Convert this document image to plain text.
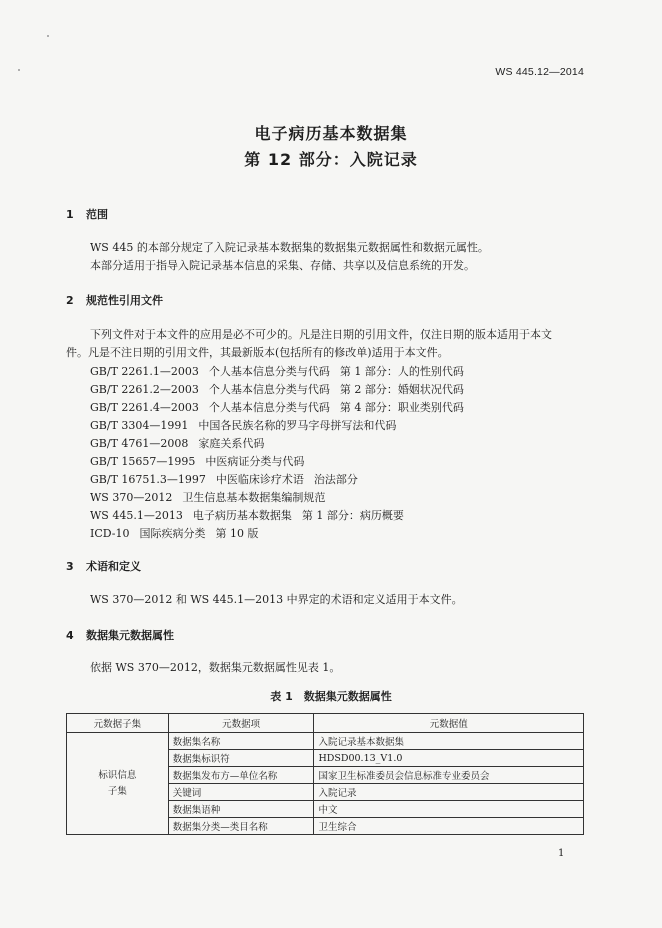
WS 445.12—2014
电子病历基本数据集
第 12 部分：入院记录
1 范围
WS 445 的本部分规定了入院记录基本数据集的数据集元数据属性和数据元属性。
本部分适用于指导入院记录基本信息的采集、存储、共享以及信息系统的开发。
2 规范性引用文件
下列文件对于本文件的应用是必不可少的。凡是注日期的引用文件，仅注日期的版本适用于本文
件。凡是不注日期的引用文件，其最新版本(包括所有的修改单)适用于本文件。
GB/T 2261.1—2003 个人基本信息分类与代码 第 1 部分：人的性别代码
GB/T 2261.2—2003 个人基本信息分类与代码 第 2 部分：婚姻状况代码
GB/T 2261.4—2003 个人基本信息分类与代码 第 4 部分：职业类别代码
GB/T 3304—1991 中国各民族名称的罗马字母拼写法和代码
GB/T 4761—2008 家庭关系代码
GB/T 15657—1995 中医病证分类与代码
GB/T 16751.3—1997 中医临床诊疗术语 治法部分
WS 370—2012 卫生信息基本数据集编制规范
WS 445.1—2013 电子病历基本数据集 第 1 部分：病历概要
ICD-10 国际疾病分类 第 10 版
3 术语和定义
WS 370—2012 和 WS 445.1—2013 中界定的术语和定义适用于本文件。
4 数据集元数据属性
依据 WS 370—2012，数据集元数据属性见表 1。
表 1　数据集元数据属性
元数据子集	元数据项	元数据值

标识信息
子集	数据集名称	入院记录基本数据集
	数据集标识符	HDSD00.13_V1.0
	数据集发布方—单位名称	国家卫生标准委员会信息标准专业委员会
	关键词	入院记录
	数据集语种	中文
	数据集分类—类目名称	卫生综合
1
